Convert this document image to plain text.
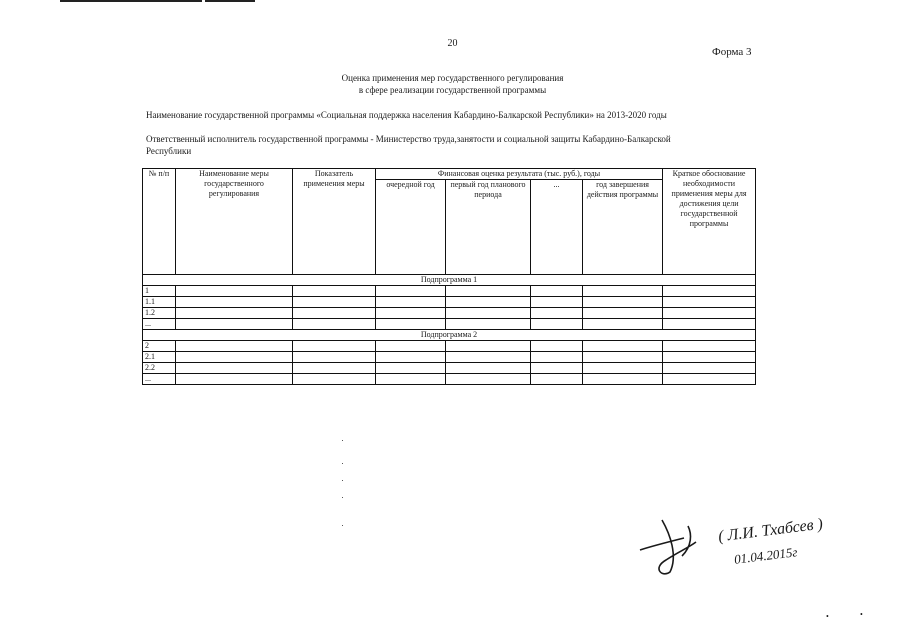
20
Форма 3
Оценка применения мер государственного регулирования
в сфере реализации государственной программы
Наименование государственной программы «Социальная поддержка населения Кабардино-Балкарской Республики» на 2013-2020 годы
Ответственный исполнитель государственной программы - Министерство труда,занятости и социальной защиты Кабардино-Балкарской
Республики
№ п/п	Наименование меры государственного регулирования	Показатель применения меры	Финансовая оценка результата (тыс. руб.), годы				Краткое обоснование необходимости применения меры для достижения цели государственной программы
			очередной год	первый год планового периода	...	год завершения действия программы	
Подпрограмма 1							
1							
1.1							
1.2							
...							
Подпрограмма 2							
2							
2.1							
2.2							
...							
( Л.И. Тхабсев )
01.04.2015г
•	•
